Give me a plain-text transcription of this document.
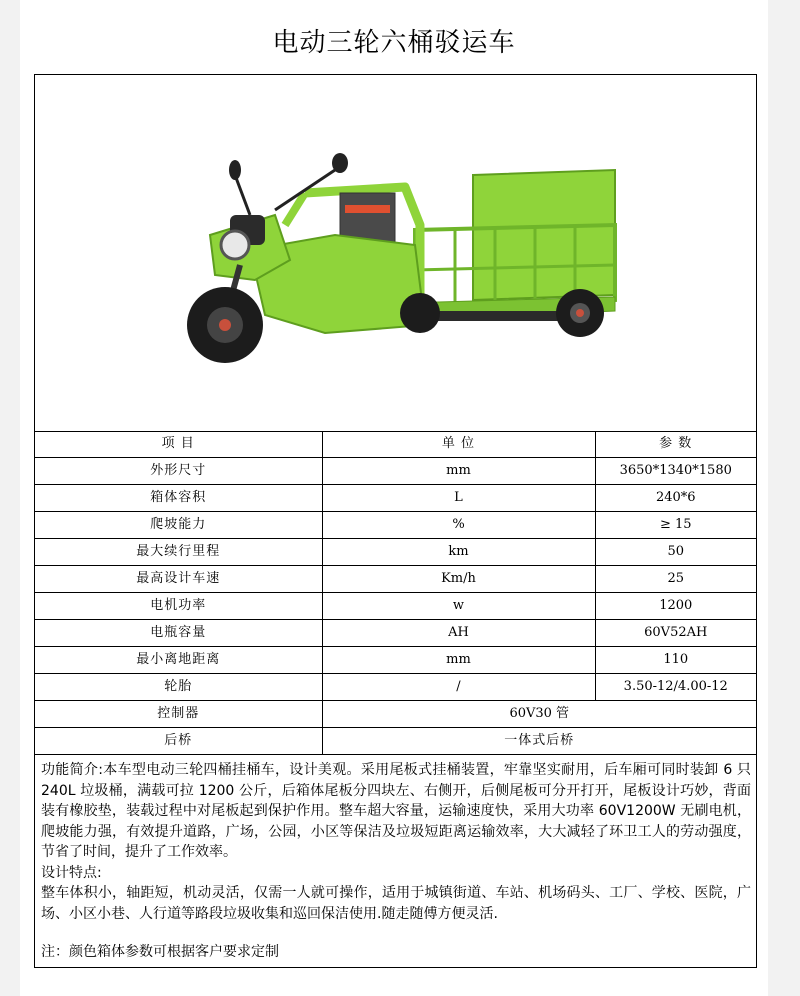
电动三轮六桶驳运车
项 目	单 位	参 数
外形尺寸	mm	3650*1340*1580
箱体容积	L	240*6
爬坡能力	%	≥ 15
最大续行里程	km	50
最高设计车速	Km/h	25
电机功率	w	1200
电瓶容量	AH	60V52AH
最小离地距离	mm	110
轮胎	/	3.50-12/4.00-12
控制器	60V30 管	
后桥	一体式后桥	

功能简介:本车型电动三轮四桶挂桶车，设计美观。采用尾板式挂桶装置，牢靠坚实耐用，后车厢可同时装卸 6 只 240L 垃圾桶，满载可拉 1200 公斤，后箱体尾板分四块左、右侧开，后侧尾板可分开打开，尾板设计巧妙，背面装有橡胶垫，装载过程中对尾板起到保护作用。整车超大容量，运输速度快，采用大功率 60V1200W 无刷电机，爬坡能力强，有效提升道路，广场，公园，小区等保洁及垃圾短距离运输效率，大大减轻了环卫工人的劳动强度，节省了时间，提升了工作效率。

设计特点:

整车体积小，轴距短，机动灵活，仅需一人就可操作，适用于城镇街道、车站、机场码头、工厂、学校、医院，广场、小区小巷、人行道等路段垃圾收集和巡回保洁使用.随走随傅方便灵活.

注：颜色箱体参数可根据客户要求定制
